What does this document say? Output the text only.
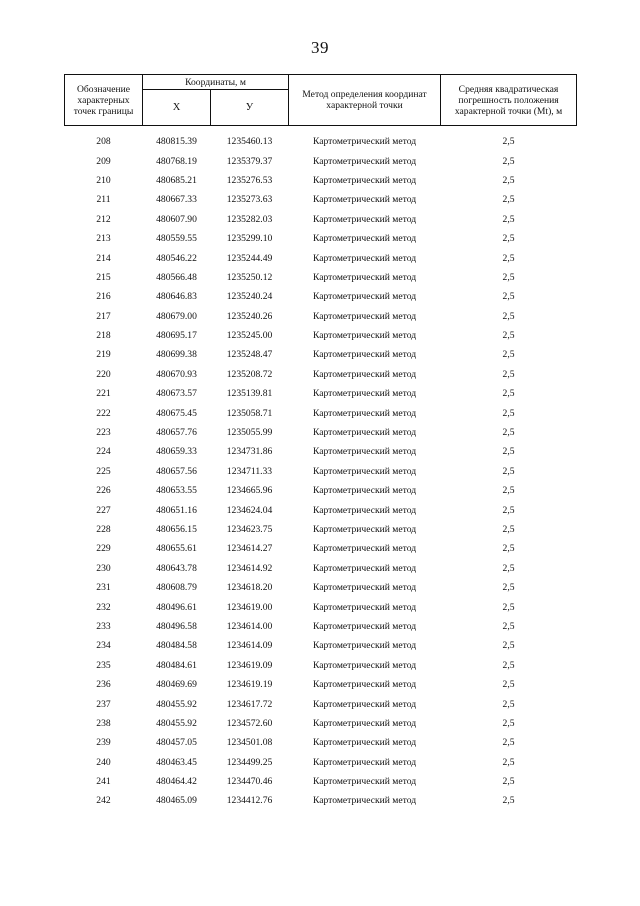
39
Обозначение характерных точек границы	Координаты, м		Метод определения координат характерной точки	Средняя квадратическая погрешность положения характерной точки (Mt), м
	X	У		
208	480815.39	1235460.13	Картометрический метод	2,5
209	480768.19	1235379.37	Картометрический метод	2,5
210	480685.21	1235276.53	Картометрический метод	2,5
211	480667.33	1235273.63	Картометрический метод	2,5
212	480607.90	1235282.03	Картометрический метод	2,5
213	480559.55	1235299.10	Картометрический метод	2,5
214	480546.22	1235244.49	Картометрический метод	2,5
215	480566.48	1235250.12	Картометрический метод	2,5
216	480646.83	1235240.24	Картометрический метод	2,5
217	480679.00	1235240.26	Картометрический метод	2,5
218	480695.17	1235245.00	Картометрический метод	2,5
219	480699.38	1235248.47	Картометрический метод	2,5
220	480670.93	1235208.72	Картометрический метод	2,5
221	480673.57	1235139.81	Картометрический метод	2,5
222	480675.45	1235058.71	Картометрический метод	2,5
223	480657.76	1235055.99	Картометрический метод	2,5
224	480659.33	1234731.86	Картометрический метод	2,5
225	480657.56	1234711.33	Картометрический метод	2,5
226	480653.55	1234665.96	Картометрический метод	2,5
227	480651.16	1234624.04	Картометрический метод	2,5
228	480656.15	1234623.75	Картометрический метод	2,5
229	480655.61	1234614.27	Картометрический метод	2,5
230	480643.78	1234614.92	Картометрический метод	2,5
231	480608.79	1234618.20	Картометрический метод	2,5
232	480496.61	1234619.00	Картометрический метод	2,5
233	480496.58	1234614.00	Картометрический метод	2,5
234	480484.58	1234614.09	Картометрический метод	2,5
235	480484.61	1234619.09	Картометрический метод	2,5
236	480469.69	1234619.19	Картометрический метод	2,5
237	480455.92	1234617.72	Картометрический метод	2,5
238	480455.92	1234572.60	Картометрический метод	2,5
239	480457.05	1234501.08	Картометрический метод	2,5
240	480463.45	1234499.25	Картометрический метод	2,5
241	480464.42	1234470.46	Картометрический метод	2,5
242	480465.09	1234412.76	Картометрический метод	2,5
